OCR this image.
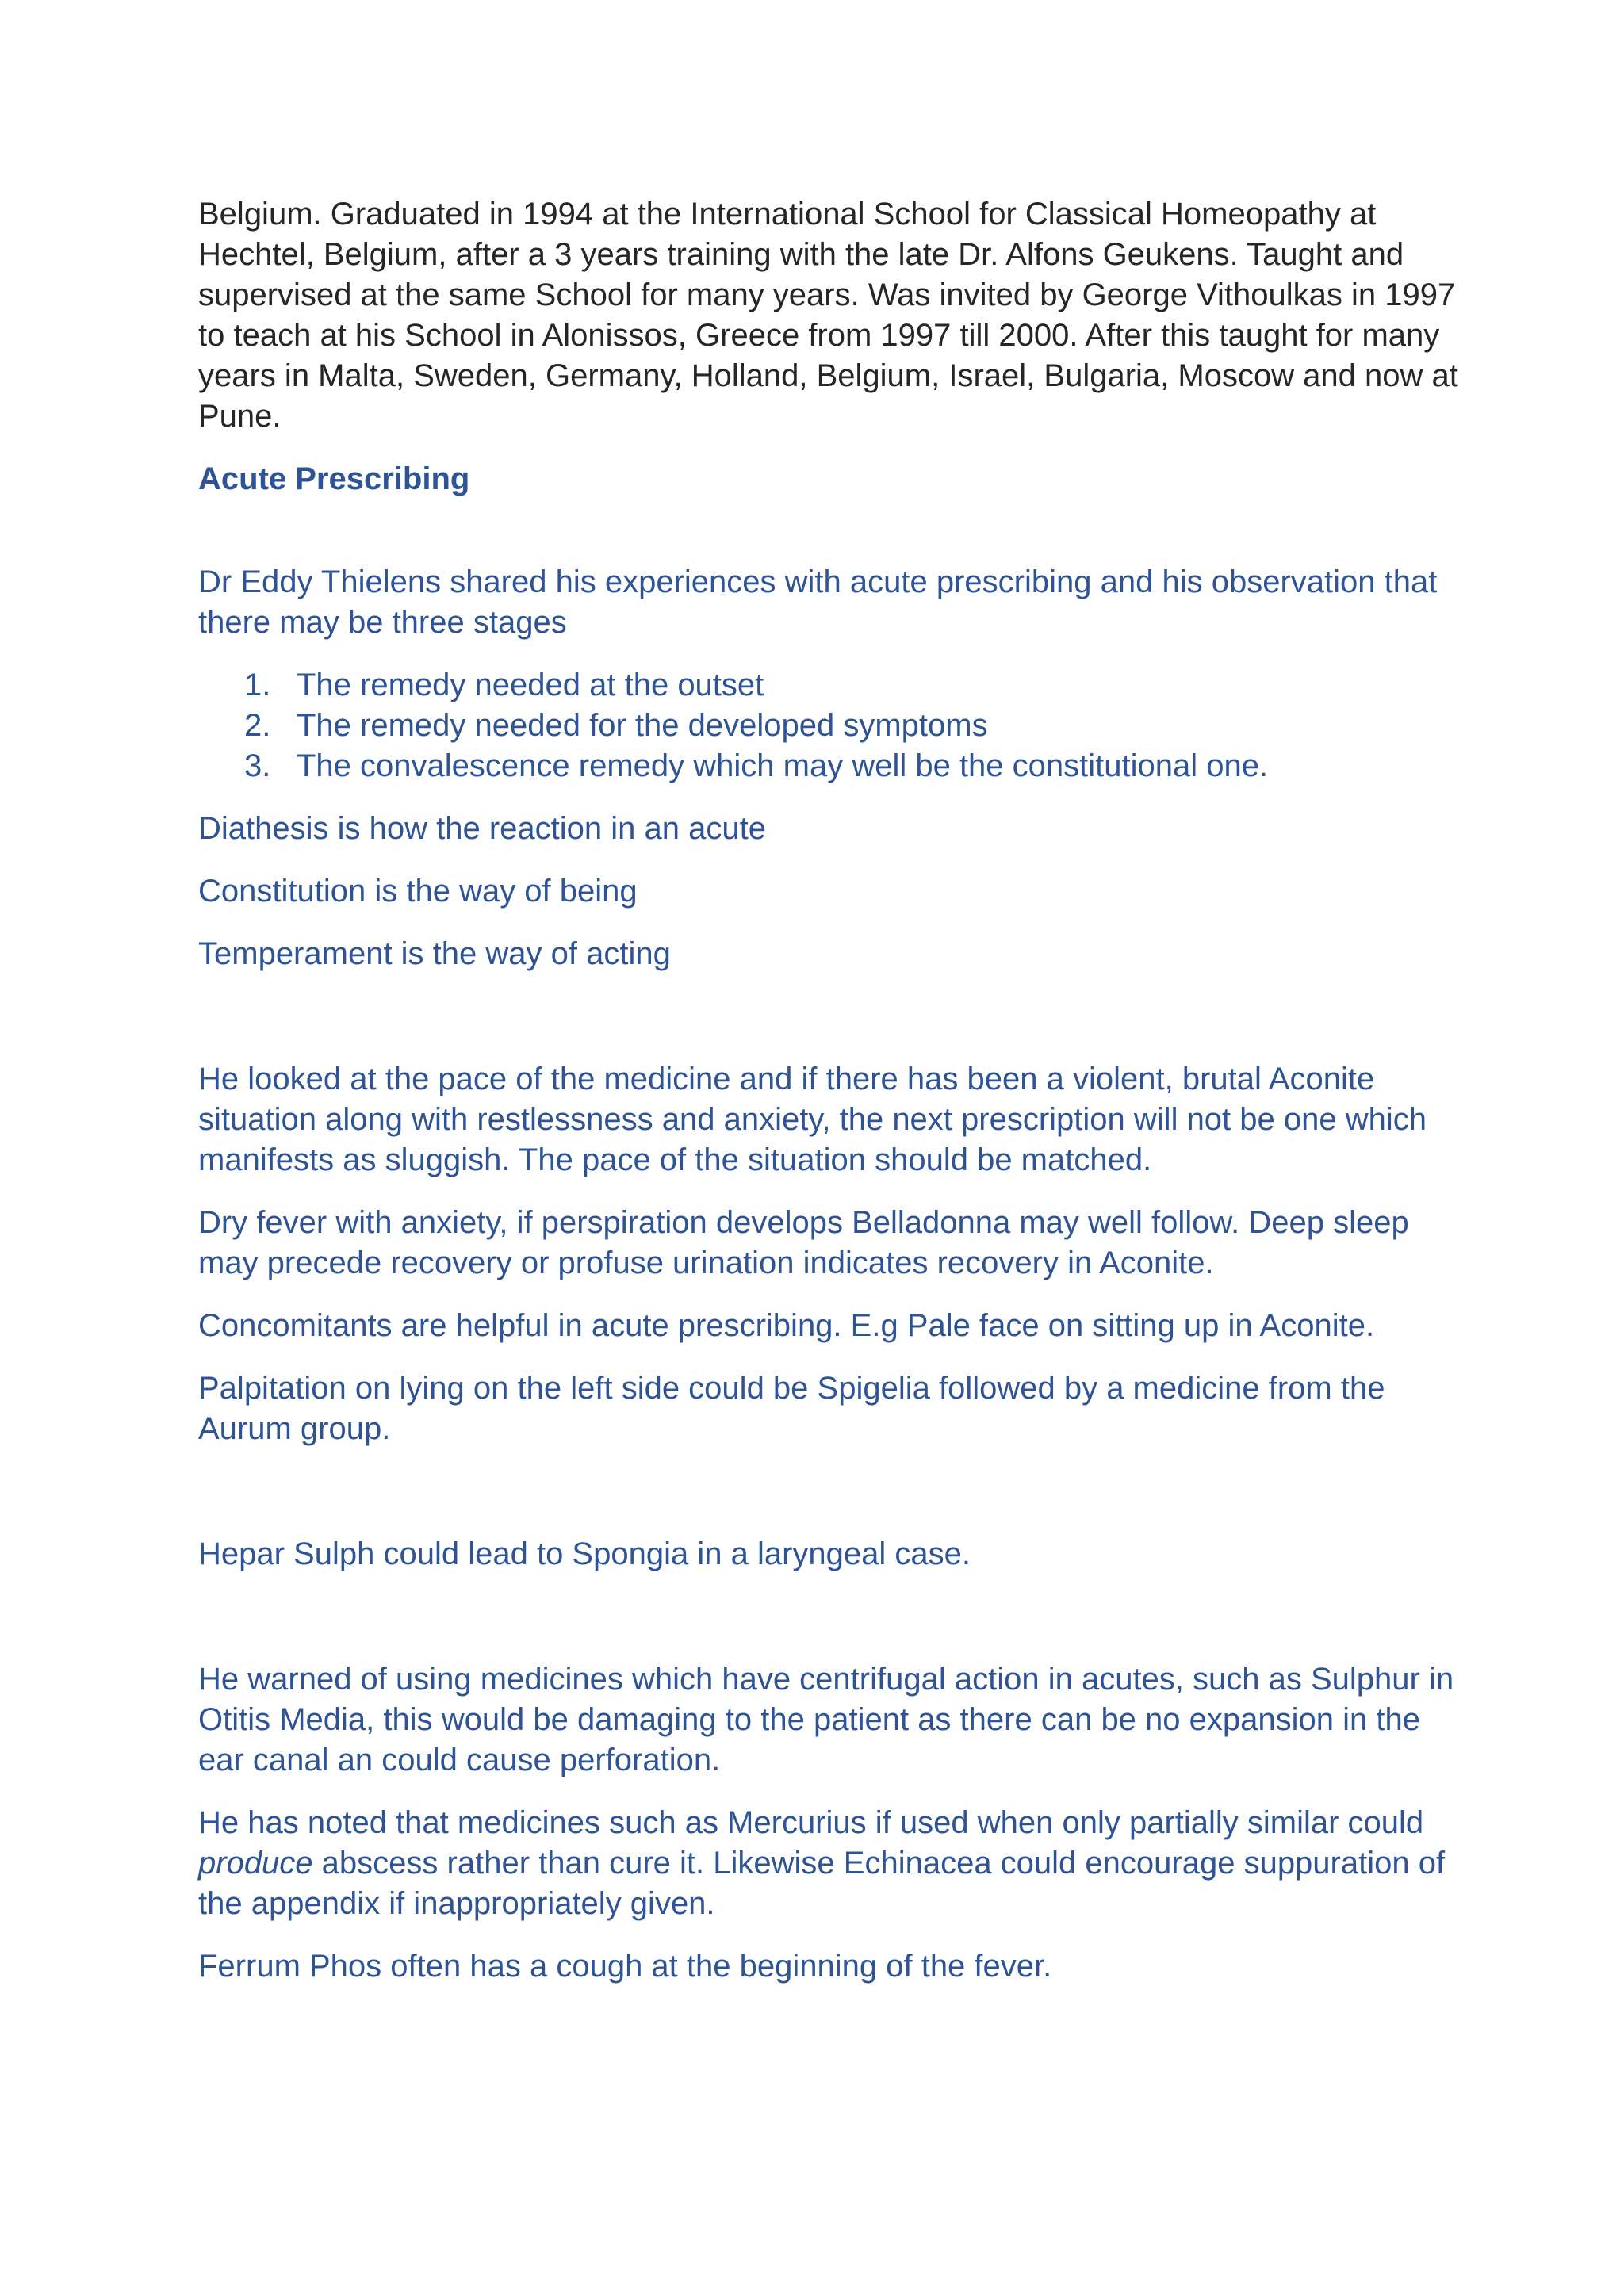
Belgium. Graduated in 1994 at the International School for Classical Homeopathy at Hechtel, Belgium, after a 3 years training with the late Dr. Alfons Geukens. Taught and supervised at the same School for many years. Was invited by George Vithoulkas in 1997 to teach at his School in Alonissos, Greece from 1997 till 2000. After this taught for many years in Malta, Sweden, Germany, Holland, Belgium, Israel, Bulgaria, Moscow and now at Pune.

Acute Prescribing

Dr Eddy Thielens shared his experiences with acute prescribing and his observation that there may be three stages

1. The remedy needed at the outset
2. The remedy needed for the developed symptoms
3. The convalescence remedy which may well be the constitutional one.

Diathesis is how the reaction in an acute

Constitution is the way of being

Temperament is the way of acting

He looked at the pace of the medicine and if there has been a violent, brutal Aconite situation along with restlessness and anxiety, the next prescription will not be one which manifests as sluggish. The pace of the situation should be matched.

Dry fever with anxiety, if perspiration develops Belladonna may well follow. Deep sleep may precede recovery or profuse urination indicates recovery in Aconite.

Concomitants are helpful in acute prescribing. E.g Pale face on sitting up in Aconite.

Palpitation on lying on the left side could be Spigelia followed by a medicine from the Aurum group.

Hepar Sulph could lead to Spongia in a laryngeal case.

He warned of using medicines which have centrifugal action in acutes, such as Sulphur in Otitis Media, this would be damaging to the patient as there can be no expansion in the ear canal an could cause perforation.

He has noted that medicines such as Mercurius if used when only partially similar could produce abscess rather than cure it. Likewise Echinacea could encourage suppuration of the appendix if inappropriately given.

Ferrum Phos often has a cough at the beginning of the fever.
